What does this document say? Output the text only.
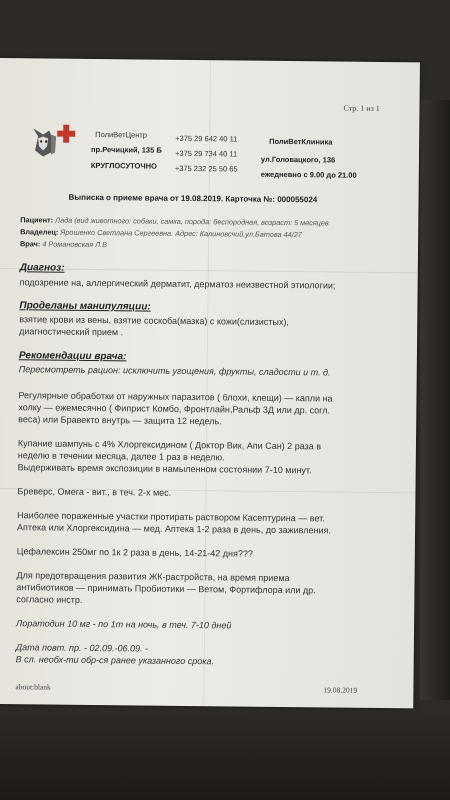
Стр. 1 из 1
ПолиВетЦентр
пр.Речицкий, 135 Б
КРУГЛОСУТОЧНО
+375 29 642 40 11
+375 29 734 40 11
+375 232 25 50 65
ПолиВетКлиника
ул.Головацкого, 136
ежедневно с 9.00 до 21.00
Выписка о приеме врача от 19.08.2019. Карточка №: 000055024
Пациент: Лада (вид животного: собаки, самка, порода: беспородная, возраст: 5 месяцев
Владелец: Ярошенко Светлана Сергеевна. Адрес: Калиновсчий,ул.Батова 44/27
Врач: 4 Романовская Л.В
Диагноз:
подозрение на, аллергический дерматит, дерматоз неизвестной этиологии;
Проделаны манипуляции:
взятие крови из вены, взятие соскоба(мазка) с кожи(слизистых),
диагностический прием .
Рекомендации врача:
Пересмотреть рацион: исключить угощения, фрукты, сладости и т. д.
Регулярные обработки от наружных паразитов ( блохи, клещи) — капли на
холку — ежемесячно ( Фиприст Комбо, Фронтлайн,Ральф 3Д или др. согл.
веса) или Бравекто внутрь — защита 12 недель.
Купание шампунь с 4% Хлоргексидином ( Доктор Вик, Апи Сан) 2 раза в
неделю в течении месяца, далее 1 раз в неделю.
Выдерживать время экспозиции в намыленном состоянии 7-10 минут.
Бреверс, Омега - вит., в теч. 2-х мес.
Наиболее пораженные участки протирать раствором Касептурина — вет.
Аптека или Хлоргексидина — мед. Аптека 1-2 раза в день, до заживления.
Цефалексин 250мг по 1к 2 раза в день, 14-21-42 дня???
Для предотвращения развития ЖК-растройств, на время приема
антибиотиков — принимать Пробиотики — Ветом, Фортифлора или др.
согласно инстр.
Лоратодин 10 мг - по 1т на ночь, в теч. 7-10 дней
Дата повт. пр. - 02.09.-06.09. -
В сл. необх-ти обр-ся ранее указанного срока.
about:blank	19.08.2019
